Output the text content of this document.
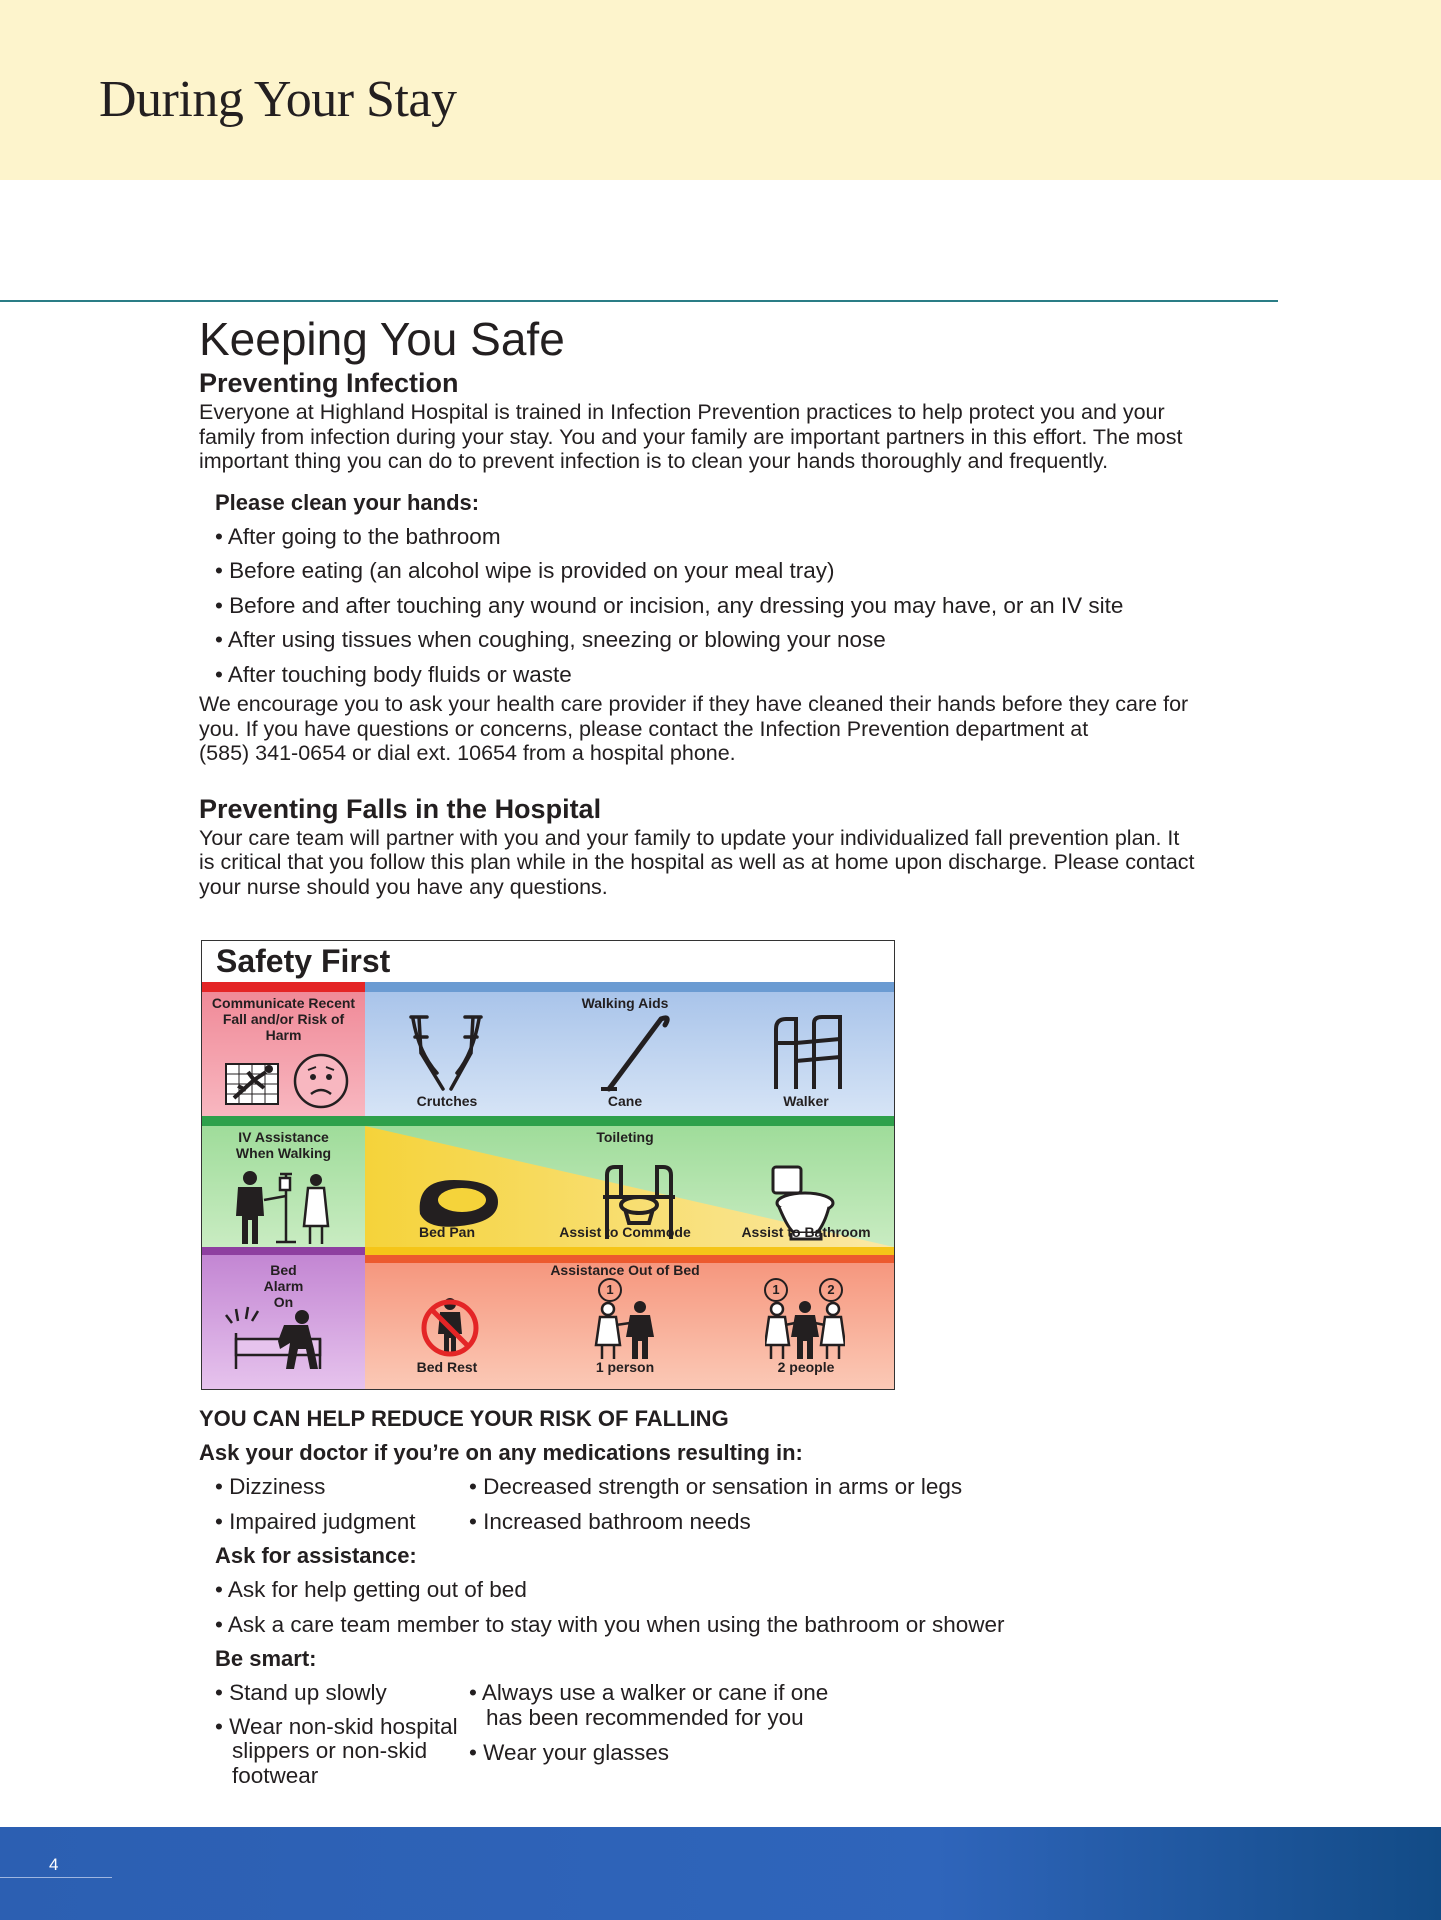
During Your Stay
Keeping You Safe
Preventing Infection

Everyone at Highland Hospital is trained in Infection Prevention practices to help protect you and your

family from infection during your stay. You and your family are important partners in this effort. The most

important thing you can do to prevent infection is to clean your hands thoroughly and frequently.

Please clean your hands:

• After going to the bathroom

• Before eating (an alcohol wipe is provided on your meal tray)

• Before and after touching any wound or incision, any dressing you may have, or an IV site

• After using tissues when coughing, sneezing or blowing your nose

• After touching body fluids or waste

We encourage you to ask your health care provider if they have cleaned their hands before they care for

you. If you have questions or concerns, please contact the Infection Prevention department at

(585) 341-0654 or dial ext. 10654 from a hospital phone.

Preventing Falls in the Hospital

Your care team will partner with you and your family to update your individualized fall prevention plan. It

is critical that you follow this plan while in the hospital as well as at home upon discharge. Please contact

your nurse should you have any questions.

Safety First
Communicate Recent Fall and/or Risk of Harm
Walking Aids
Crutches	Cane	Walker
IV Assistance When Walking
Toileting
Bed Pan	Assist to Commode	Assist to Bathroom
Bed Alarm On
Assistance Out of Bed
1	1	2
Bed Rest	1 person	2 people

YOU CAN HELP REDUCE YOUR RISK OF FALLING

Ask your doctor if you’re on any medications resulting in:

• Dizziness

• Impaired judgment

• Decreased strength or sensation in arms or legs

• Increased bathroom needs

Ask for assistance:

• Ask for help getting out of bed

• Ask a care team member to stay with you when using the bathroom or shower

Be smart:

• Stand up slowly

• Wear non-skid hospital
slippers or non-skid
footwear
• Always use a walker or cane if one
has been recommended for you

• Wear your glasses

4
